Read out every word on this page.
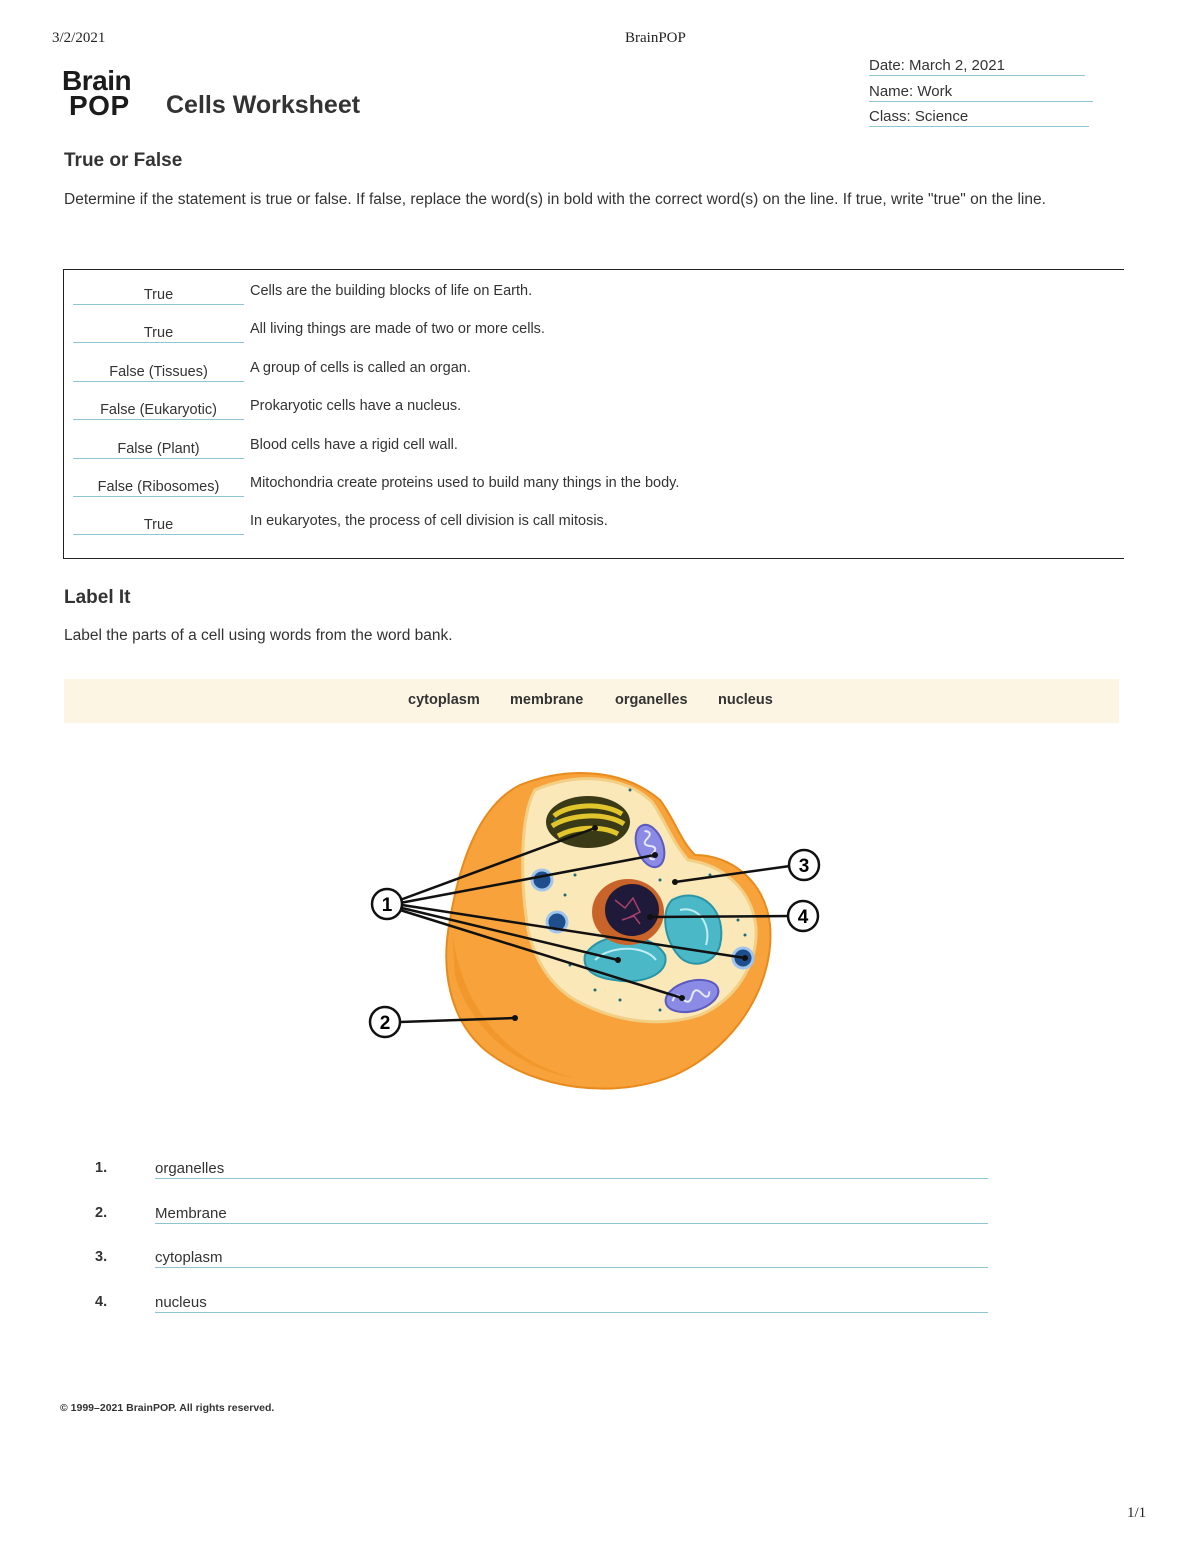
3/2/2021	BrainPOP
Brain
POP Cells Worksheet
Date: March 2, 2021
Name: Work
Class: Science
True or False
Determine if the statement is true or false. If false, replace the word(s) in bold with the correct word(s) on the line. If true, write "true" on the line.
True	Cells are the building blocks of life on Earth.
True	All living things are made of two or more cells.
False (Tissues)	A group of cells is called an organ.
False (Eukaryotic)	Prokaryotic cells have a nucleus.
False (Plant)	Blood cells have a rigid cell wall.
False (Ribosomes)	Mitochondria create proteins used to build many things in the body.
True	In eukaryotes, the process of cell division is call mitosis.
Label It
Label the parts of a cell using words from the word bank.
cytoplasm membrane organelles nucleus
1
2
3
4
1.	organelles
2.	Membrane
3.	cytoplasm
4.	nucleus
© 1999–2021 BrainPOP. All rights reserved.
1/1
